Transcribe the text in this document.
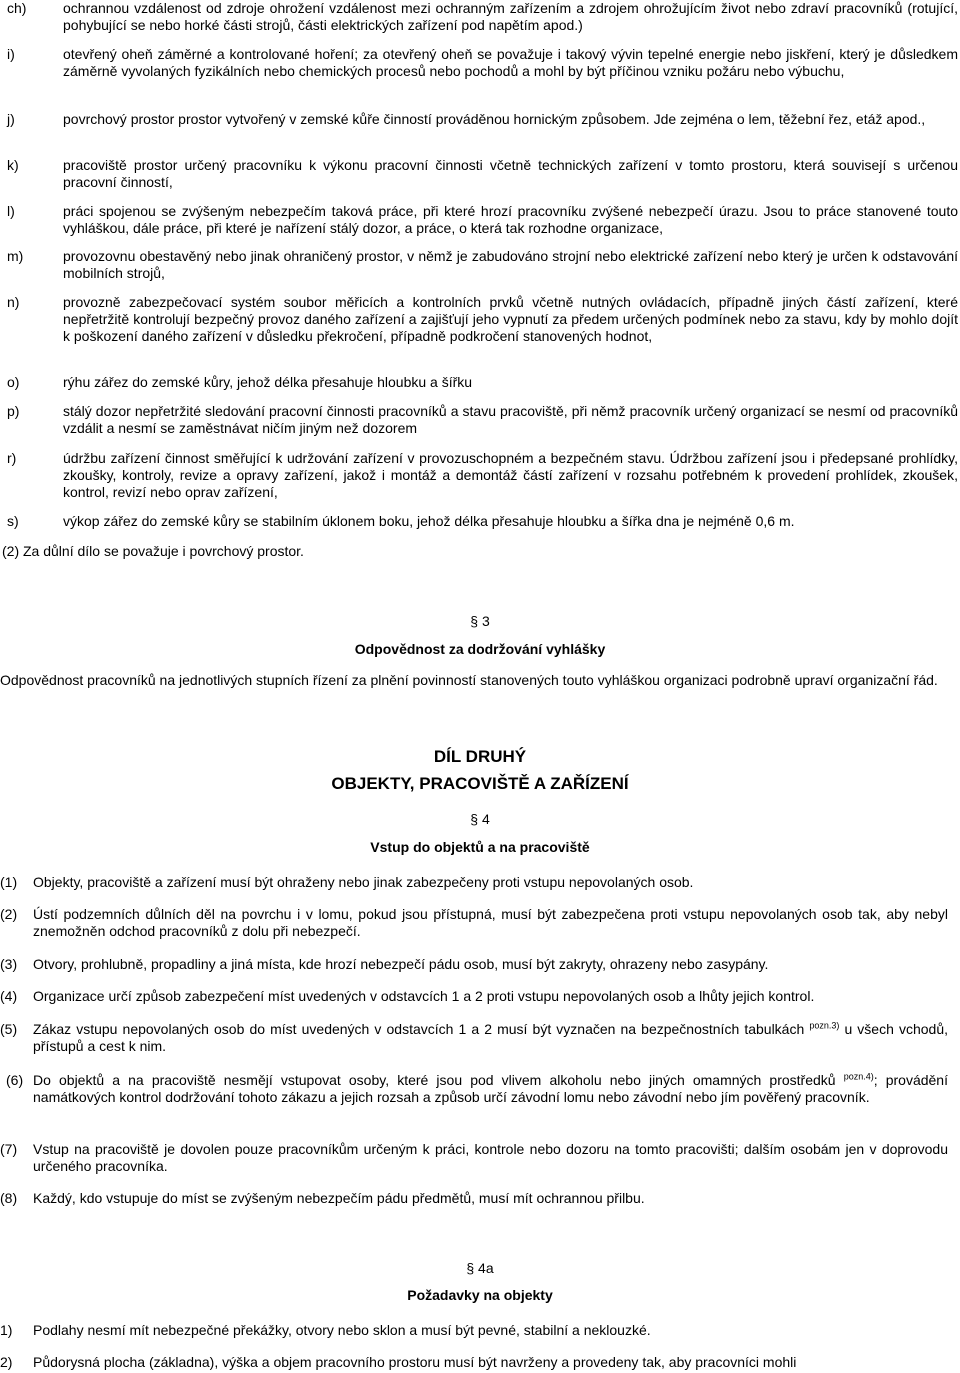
ch)	ochrannou vzdálenost od zdroje ohrožení vzdálenost mezi ochranným zařízením a zdrojem ohrožujícím život nebo zdraví pracovníků (rotující, pohybující se nebo horké části strojů, části elektrických zařízení pod napětím apod.)
i)	otevřený oheň záměrné a kontrolované hoření; za otevřený oheň se považuje i takový vývin tepelné energie nebo jiskření, který je důsledkem záměrně vyvolaných fyzikálních nebo chemických procesů nebo pochodů a mohl by být příčinou vzniku požáru nebo výbuchu,
j)	povrchový prostor prostor vytvořený v zemské kůře činností prováděnou hornickým způsobem. Jde zejména o lem, těžební řez, etáž apod.,
k)	pracoviště prostor určený pracovníku k výkonu pracovní činnosti včetně technických zařízení v tomto prostoru, která souvisejí s určenou pracovní činností,
l)	práci spojenou se zvýšeným nebezpečím taková práce, při které hrozí pracovníku zvýšené nebezpečí úrazu. Jsou to práce stanovené touto vyhláškou, dále práce, při které je nařízení stálý dozor, a práce, o která tak rozhodne organizace,
m)	provozovnu obestavěný nebo jinak ohraničený prostor, v němž je zabudováno strojní nebo elektrické zařízení nebo který je určen k odstavování mobilních strojů,
n)	provozně zabezpečovací systém soubor měřicích a kontrolních prvků včetně nutných ovládacích, případně jiných částí zařízení, které nepřetržitě kontrolují bezpečný provoz daného zařízení a zajišťují jeho vypnutí za předem určených podmínek nebo za stavu, kdy by mohlo dojít k poškození daného zařízení v důsledku překročení, případně podkročení stanovených hodnot,
o)	rýhu zářez do zemské kůry, jehož délka přesahuje hloubku a šířku
p)	stálý dozor nepřetržité sledování pracovní činnosti pracovníků a stavu pracoviště, při němž pracovník určený organizací se nesmí od pracovníků vzdálit a nesmí se zaměstnávat ničím jiným než dozorem
r)	údržbu zařízení činnost směřující k udržování zařízení v provozuschopném a bezpečném stavu. Údržbou zařízení jsou i předepsané prohlídky, zkoušky, kontroly, revize a opravy zařízení, jakož i montáž a demontáž částí zařízení v rozsahu potřebném k provedení prohlídek, zkoušek, kontrol, revizí nebo oprav zařízení,
s)	výkop zářez do zemské kůry se stabilním úklonem boku, jehož délka přesahuje hloubku a šířka dna je nejméně 0,6 m.
(2) Za důlní dílo se považuje i povrchový prostor.
§ 3
Odpovědnost za dodržování vyhlášky
Odpovědnost pracovníků na jednotlivých stupních řízení za plnění povinností stanovených touto vyhláškou organizaci podrobně upraví organizační řád.
DÍL DRUHÝ
OBJEKTY, PRACOVIŠTĚ A ZAŘÍZENÍ
§ 4
Vstup do objektů a na pracoviště
(1) Objekty, pracoviště a zařízení musí být ohraženy nebo jinak zabezpečeny proti vstupu nepovolaných osob.
(2) Ústí podzemních důlních děl na povrchu i v lomu, pokud jsou přístupná, musí být zabezpečena proti vstupu nepovolaných osob tak, aby nebyl znemožněn odchod pracovníků z dolu při nebezpečí.
(3) Otvory, prohlubně, propadliny a jiná místa, kde hrozí nebezpečí pádu osob, musí být zakryty, ohrazeny nebo zasypány.
(4) Organizace určí způsob zabezpečení míst uvedených v odstavcích 1 a 2 proti vstupu nepovolaných osob a lhůty jejich kontrol.
(5) Zákaz vstupu nepovolaných osob do míst uvedených v odstavcích 1 a 2 musí být vyznačen na bezpečnostních tabulkách $^{pozn.3)}$ u všech vchodů, přístupů a cest k nim.
(6) Do objektů a na pracoviště nesmějí vstupovat osoby, které jsou pod vlivem alkoholu nebo jiných omamných prostředků $^{pozn.4)}$; provádění namátkových kontrol dodržování tohoto zákazu a jejich rozsah a způsob určí závodní lomu nebo závodní nebo jím pověřený pracovník.
(7) Vstup na pracoviště je dovolen pouze pracovníkům určeným k práci, kontrole nebo dozoru na tomto pracovišti; dalším osobám jen v doprovodu určeného pracovníka.
(8) Každý, kdo vstupuje do míst se zvýšeným nebezpečím pádu předmětů, musí mít ochrannou přilbu.
§ 4a
Požadavky na objekty
1) Podlahy nesmí mít nebezpečné překážky, otvory nebo sklon a musí být pevné, stabilní a neklouzké.
2) Půdorysná plocha (základna), výška a objem pracovního prostoru musí být navrženy a provedeny tak, aby pracovníci mohli
